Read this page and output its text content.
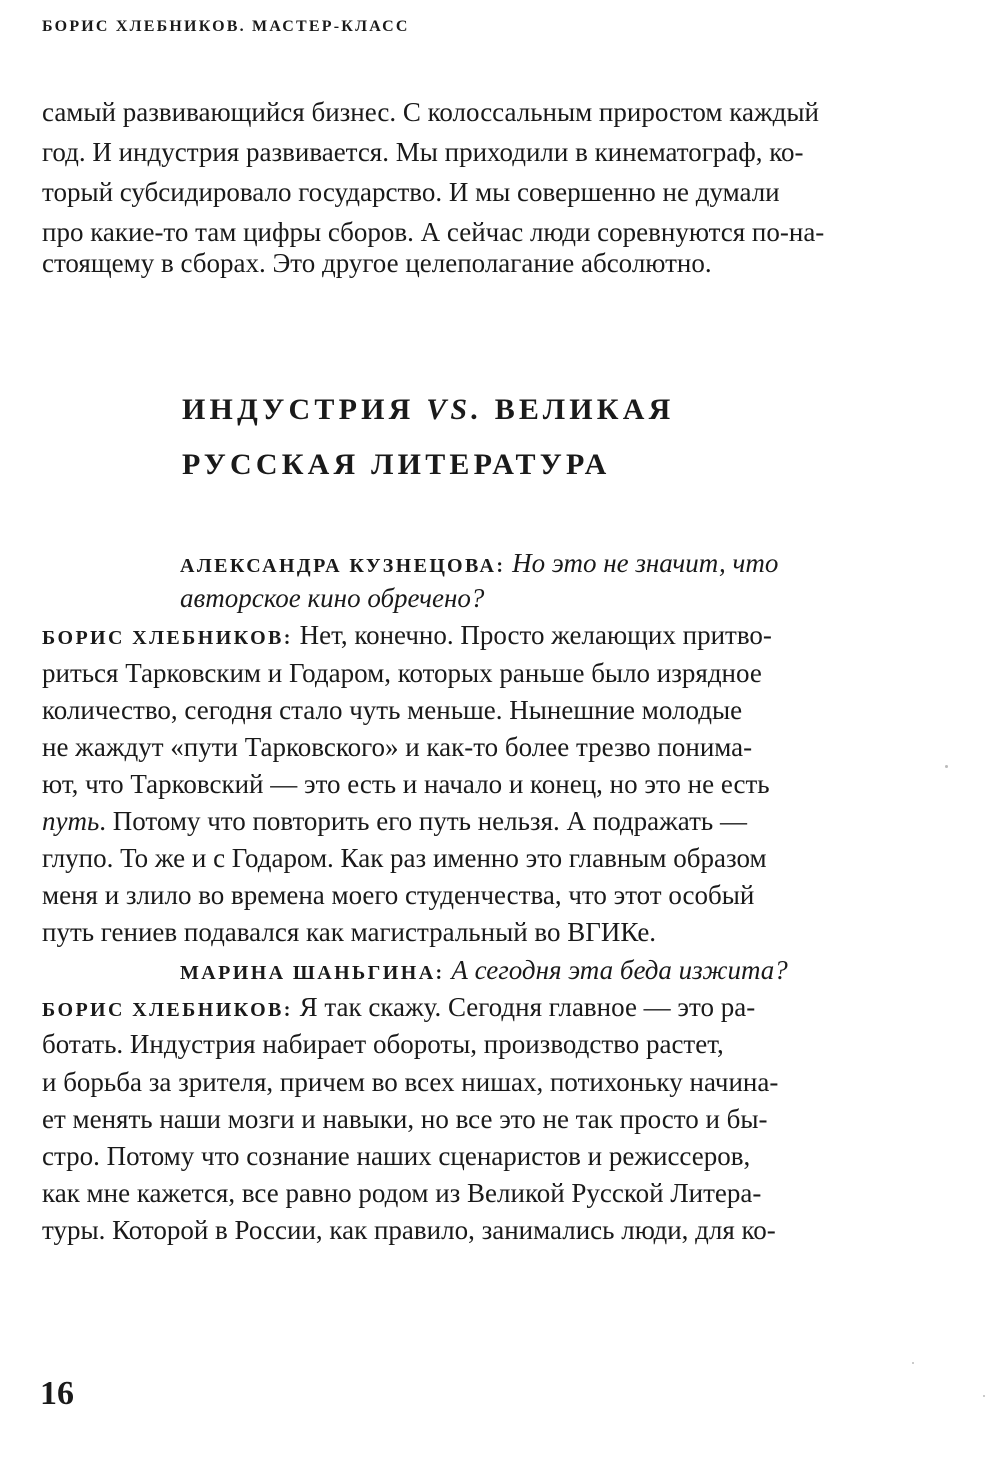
БОРИС ХЛЕБНИКОВ. МАСТЕР-КЛАСС
самый развивающийся бизнес. С колоссальным приростом каждый
год. И индустрия развивается. Мы приходили в кинематограф, ко-
торый субсидировало государство. И мы совершенно не думали
про какие-то там цифры сборов. А сейчас люди соревнуются по-на-
стоящему в сборах. Это другое целеполагание абсолютно.
ИНДУСТРИЯ VS. ВЕЛИКАЯ
РУССКАЯ ЛИТЕРАТУРА
АЛЕКСАНДРА КУЗНЕЦОВА: Но это не значит, что
авторское кино обречено?
БОРИС ХЛЕБНИКОВ: Нет, конечно. Просто желающих притво-
риться Тарковским и Годаром, которых раньше было изрядное
количество, сегодня стало чуть меньше. Нынешние молодые
не жаждут «пути Тарковского» и как-то более трезво понима-
ют, что Тарковский — это есть и начало и конец, но это не есть
путь. Потому что повторить его путь нельзя. А подражать —
глупо. То же и с Годаром. Как раз именно это главным образом
меня и злило во времена моего студенчества, что этот особый
путь гениев подавался как магистральный во ВГИКе.
МАРИНА ШАНЬГИНА: А сегодня эта беда изжита?
БОРИС ХЛЕБНИКОВ: Я так скажу. Сегодня главное — это ра-
ботать. Индустрия набирает обороты, производство растет,
и борьба за зрителя, причем во всех нишах, потихоньку начина-
ет менять наши мозги и навыки, но все это не так просто и бы-
стро. Потому что сознание наших сценаристов и режиссеров,
как мне кажется, все равно родом из Великой Русской Литера-
туры. Которой в России, как правило, занимались люди, для ко-
16
